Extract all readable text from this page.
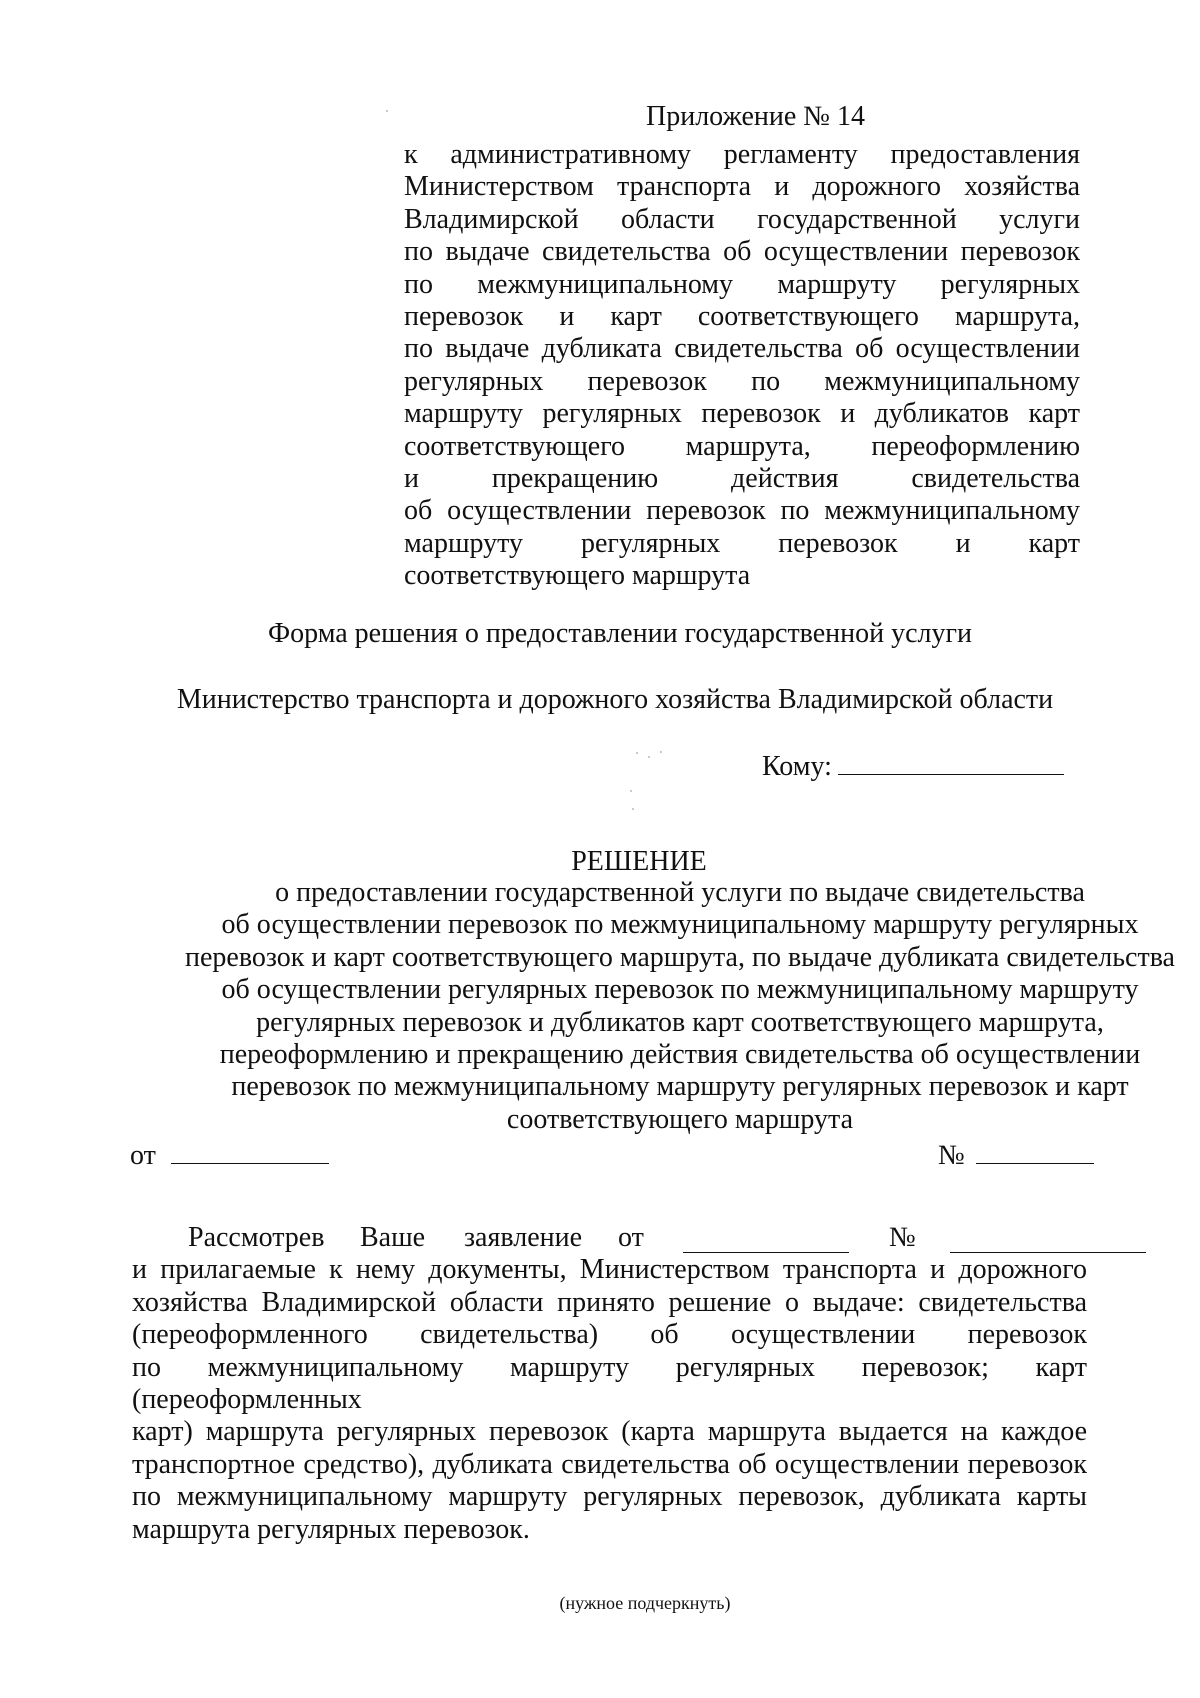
Приложение № 14
к административному регламенту предоставления
Министерством транспорта и дорожного хозяйства
Владимирской области государственной услуги
по выдаче свидетельства об осуществлении перевозок
по межмуниципальному маршруту регулярных
перевозок и карт соответствующего маршрута,
по выдаче дубликата свидетельства об осуществлении
регулярных перевозок по межмуниципальному
маршруту регулярных перевозок и дубликатов карт
соответствующего маршрута, переоформлению
и прекращению действия свидетельства
об осуществлении перевозок по межмуниципальному
маршруту регулярных перевозок и карт
соответствующего маршрута
Форма решения о предоставлении государственной услуги
Министерство транспорта и дорожного хозяйства Владимирской области
Кому:
РЕШЕНИЕ
о предоставлении государственной услуги по выдаче свидетельства
об осуществлении перевозок по межмуниципальному маршруту регулярных
перевозок и карт соответствующего маршрута, по выдаче дубликата свидетельства
об осуществлении регулярных перевозок по межмуниципальному маршруту
регулярных перевозок и дубликатов карт соответствующего маршрута,
переоформлению и прекращению действия свидетельства об осуществлении
перевозок по межмуниципальному маршруту регулярных перевозок и карт
соответствующего маршрута
от	№
Рассмотрев Ваше заявление от	№
и прилагаемые к нему документы, Министерством транспорта и дорожного
хозяйства Владимирской области принято решение о выдаче: свидетельства
(переоформленного свидетельства) об осуществлении перевозок
по межмуниципальному маршруту регулярных перевозок; карт (переоформленных
карт) маршрута регулярных перевозок (карта маршрута выдается на каждое
транспортное средство), дубликата свидетельства об осуществлении перевозок
по межмуниципальному маршруту регулярных перевозок, дубликата карты
маршрута регулярных перевозок.
(нужное подчеркнуть)
